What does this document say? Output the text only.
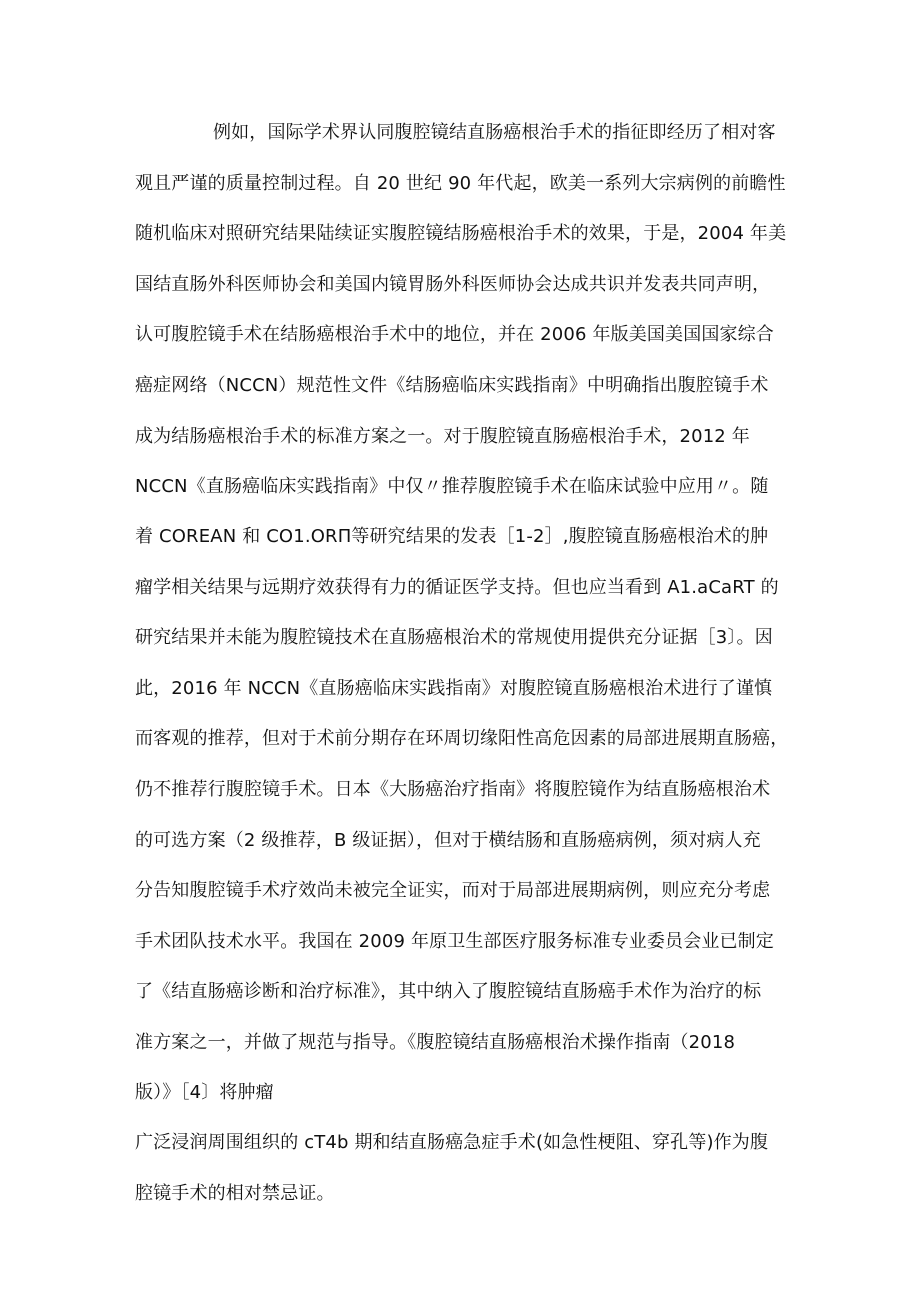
例如，国际学术界认同腹腔镜结直肠癌根治手术的指征即经历了相对客
观且严谨的质量控制过程。自 20 世纪 90 年代起，欧美一系列大宗病例的前瞻性
随机临床对照研究结果陆续证实腹腔镜结肠癌根治手术的效果，于是，2004 年美
国结直肠外科医师协会和美国内镜胃肠外科医师协会达成共识并发表共同声明，
认可腹腔镜手术在结肠癌根治手术中的地位，并在 2006 年版美国美国国家综合
癌症网络（NCCN）规范性文件《结肠癌临床实践指南》中明确指出腹腔镜手术
成为结肠癌根治手术的标准方案之一。对于腹腔镜直肠癌根治手术，2012 年
NCCN《直肠癌临床实践指南》中仅〃推荐腹腔镜手术在临床试验中应用〃。随
着 COREAN 和 CO1.ORΠ等研究结果的发表［1-2］,腹腔镜直肠癌根治术的肿
瘤学相关结果与远期疗效获得有力的循证医学支持。但也应当看到 A1.aCaRT 的
研究结果并未能为腹腔镜技术在直肠癌根治术的常规使用提供充分证据［3〕。因
此，2016 年 NCCN《直肠癌临床实践指南》对腹腔镜直肠癌根治术进行了谨慎
而客观的推荐，但对于术前分期存在环周切缘阳性高危因素的局部进展期直肠癌，
仍不推荐行腹腔镜手术。日本《大肠癌治疗指南》将腹腔镜作为结直肠癌根治术
的可选方案（2 级推荐，B 级证据），但对于横结肠和直肠癌病例，须对病人充
分告知腹腔镜手术疗效尚未被完全证实，而对于局部进展期病例，则应充分考虑
手术团队技术水平。我国在 2009 年原卫生部医疗服务标准专业委员会业已制定
了《结直肠癌诊断和治疗标准》，其中纳入了腹腔镜结直肠癌手术作为治疗的标
准方案之一，并做了规范与指导。《腹腔镜结直肠癌根治术操作指南（2018
版）》［4〕将肿瘤
广泛浸润周围组织的 cT4b 期和结直肠癌急症手术(如急性梗阻、穿孔等)作为腹
腔镜手术的相对禁忌证。
